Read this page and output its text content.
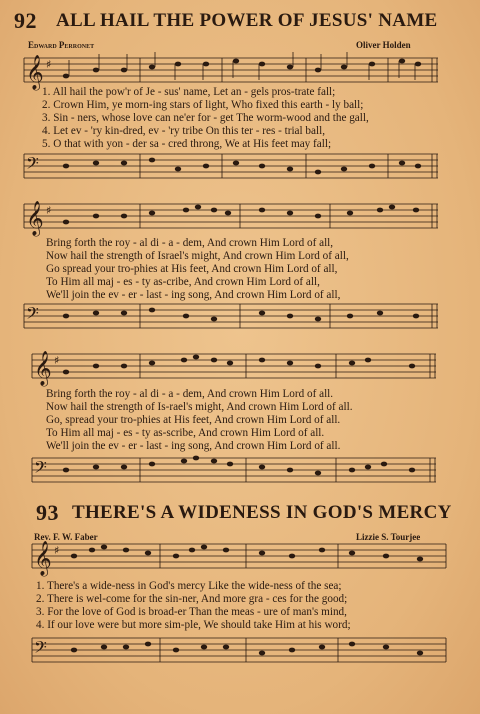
92 ALL HAIL THE POWER OF JESUS' NAME
Edward Perronet	Oliver Holden
𝄞 ♯
1. All hail the pow'r of Je - sus' name, Let an - gels pros-trate fall;
2. Crown Him, ye morn-ing stars of light, Who fixed this earth - ly ball;
3. Sin - ners, whose love can ne'er for - get The worm-wood and the gall,
4. Let ev - 'ry kin-dred, ev - 'ry tribe On this ter - res - trial ball,
5. O that with yon - der sa - cred throng, We at His feet may fall;
𝄢
𝄞 ♯
Bring forth the roy - al di - a - dem, And crown Him Lord of all,
Now hail the strength of Israel's might, And crown Him Lord of all,
Go spread your tro-phies at His feet, And crown Him Lord of all,
To Him all maj - es - ty as-cribe, And crown Him Lord of all,
We'll join the ev - er - last - ing song, And crown Him Lord of all,
𝄢
𝄞 ♯
Bring forth the roy - al di - a - dem, And crown Him Lord of all.
Now hail the strength of Is-rael's might, And crown Him Lord of all.
Go, spread your tro-phies at His feet, And crown Him Lord of all.
To Him all maj - es - ty as-scribe, And crown Him Lord of all.
We'll join the ev - er - last - ing song, And crown Him Lord of all.
𝄢
93 THERE'S A WIDENESS IN GOD'S MERCY
Rev. F. W. Faber	Lizzie S. Tourjee
𝄞 ♯
1. There's a wide-ness in God's mercy Like the wide-ness of the sea;
2. There is wel-come for the sin-ner, And more gra - ces for the good;
3. For the love of God is broad-er Than the meas - ure of man's mind,
4. If our love were but more sim-ple, We should take Him at his word;
𝄢
